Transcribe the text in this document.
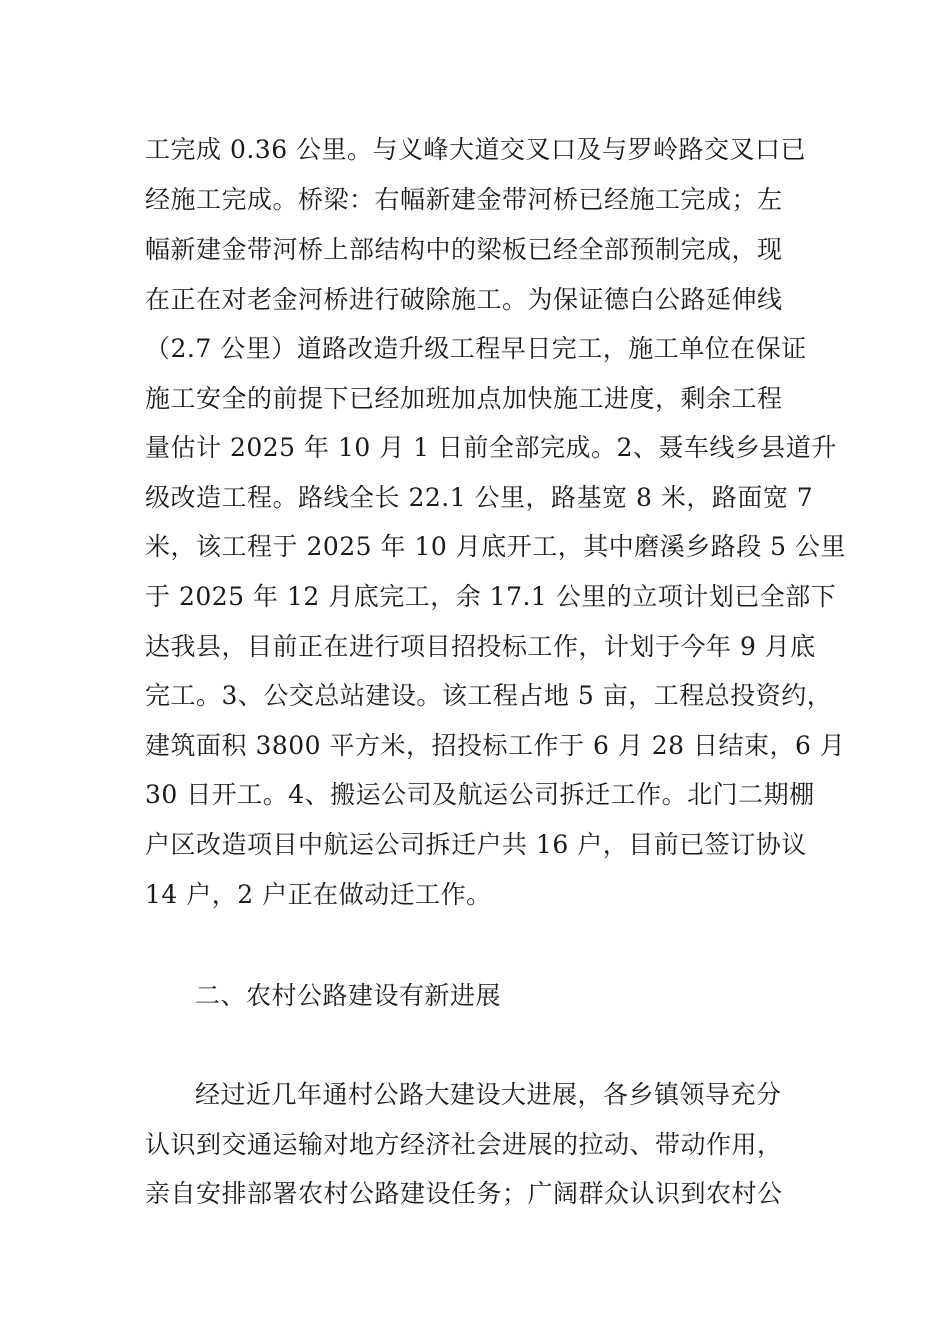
工完成 0.36 公里。与义峰大道交叉口及与罗岭路交叉口已
经施工完成。桥梁：右幅新建金带河桥已经施工完成；左
幅新建金带河桥上部结构中的梁板已经全部预制完成，现
在正在对老金河桥进行破除施工。为保证德白公路延伸线
（2.7 公里）道路改造升级工程早日完工，施工单位在保证
施工安全的前提下已经加班加点加快施工进度，剩余工程
量估计 2025 年 10 月 1 日前全部完成。2、聂车线乡县道升
级改造工程。路线全长 22.1 公里，路基宽 8 米，路面宽 7
米，该工程于 2025 年 10 月底开工，其中磨溪乡路段 5 公里
于 2025 年 12 月底完工，余 17.1 公里的立项计划已全部下
达我县，目前正在进行项目招投标工作，计划于今年 9 月底
完工。3、公交总站建设。该工程占地 5 亩，工程总投资约，
建筑面积 3800 平方米，招投标工作于 6 月 28 日结束，6 月
30 日开工。4、搬运公司及航运公司拆迁工作。北门二期棚
户区改造项目中航运公司拆迁户共 16 户，目前已签订协议
14 户，2 户正在做动迁工作。
二、农村公路建设有新进展
经过近几年通村公路大建设大进展，各乡镇领导充分
认识到交通运输对地方经济社会进展的拉动、带动作用，
亲自安排部署农村公路建设任务；广阔群众认识到农村公
